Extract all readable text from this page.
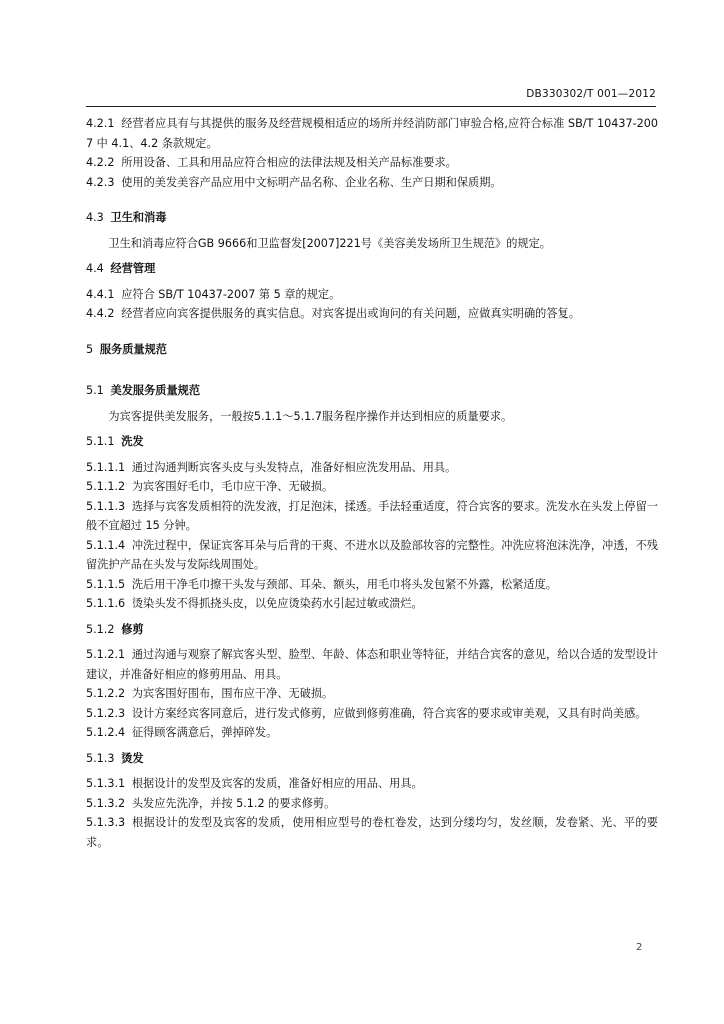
DB330302/T 001—2012

4.2.1 经营者应具有与其提供的服务及经营规模相适应的场所并经消防部门审验合格,应符合标准 SB/T 10437-2007 中 4.1、4.2 条款规定。

4.2.2 所用设备、工具和用品应符合相应的法律法规及相关产品标准要求。

4.2.3 使用的美发美容产品应用中文标明产品名称、企业名称、生产日期和保质期。

4.3 卫生和消毒

卫生和消毒应符合GB 9666和卫监督发[2007]221号《美容美发场所卫生规范》的规定。

4.4 经营管理

4.4.1 应符合 SB/T 10437-2007 第 5 章的规定。

4.4.2 经营者应向宾客提供服务的真实信息。对宾客提出或询问的有关问题，应做真实明确的答复。

5 服务质量规范

5.1 美发服务质量规范

为宾客提供美发服务，一般按5.1.1～5.1.7服务程序操作并达到相应的质量要求。

5.1.1 洗发

5.1.1.1 通过沟通判断宾客头皮与头发特点，准备好相应洗发用品、用具。

5.1.1.2 为宾客围好毛巾，毛巾应干净、无破损。

5.1.1.3 选择与宾客发质相符的洗发液，打足泡沫，揉透。手法轻重适度，符合宾客的要求。洗发水在头发上停留一般不宜超过 15 分钟。

5.1.1.4 冲洗过程中，保证宾客耳朵与后背的干爽、不进水以及脸部妆容的完整性。冲洗应将泡沫洗净，冲透，不残留洗护产品在头发与发际线周围处。

5.1.1.5 洗后用干净毛巾擦干头发与颈部、耳朵、额头，用毛巾将头发包紧不外露，松紧适度。

5.1.1.6 烫染头发不得抓挠头皮，以免应烫染药水引起过敏或溃烂。

5.1.2 修剪

5.1.2.1 通过沟通与观察了解宾客头型、脸型、年龄、体态和职业等特征，并结合宾客的意见，给以合适的发型设计建议，并准备好相应的修剪用品、用具。

5.1.2.2 为宾客围好围布，围布应干净、无破损。

5.1.2.3 设计方案经宾客同意后，进行发式修剪，应做到修剪准确，符合宾客的要求或审美观，又具有时尚美感。

5.1.2.4 征得顾客满意后，弹掉碎发。

5.1.3 烫发

5.1.3.1 根据设计的发型及宾客的发质，准备好相应的用品、用具。

5.1.3.2 头发应先洗净，并按 5.1.2 的要求修剪。

5.1.3.3 根据设计的发型及宾客的发质，使用相应型号的卷杠卷发，达到分缕均匀，发丝顺，发卷紧、光、平的要求。

2
